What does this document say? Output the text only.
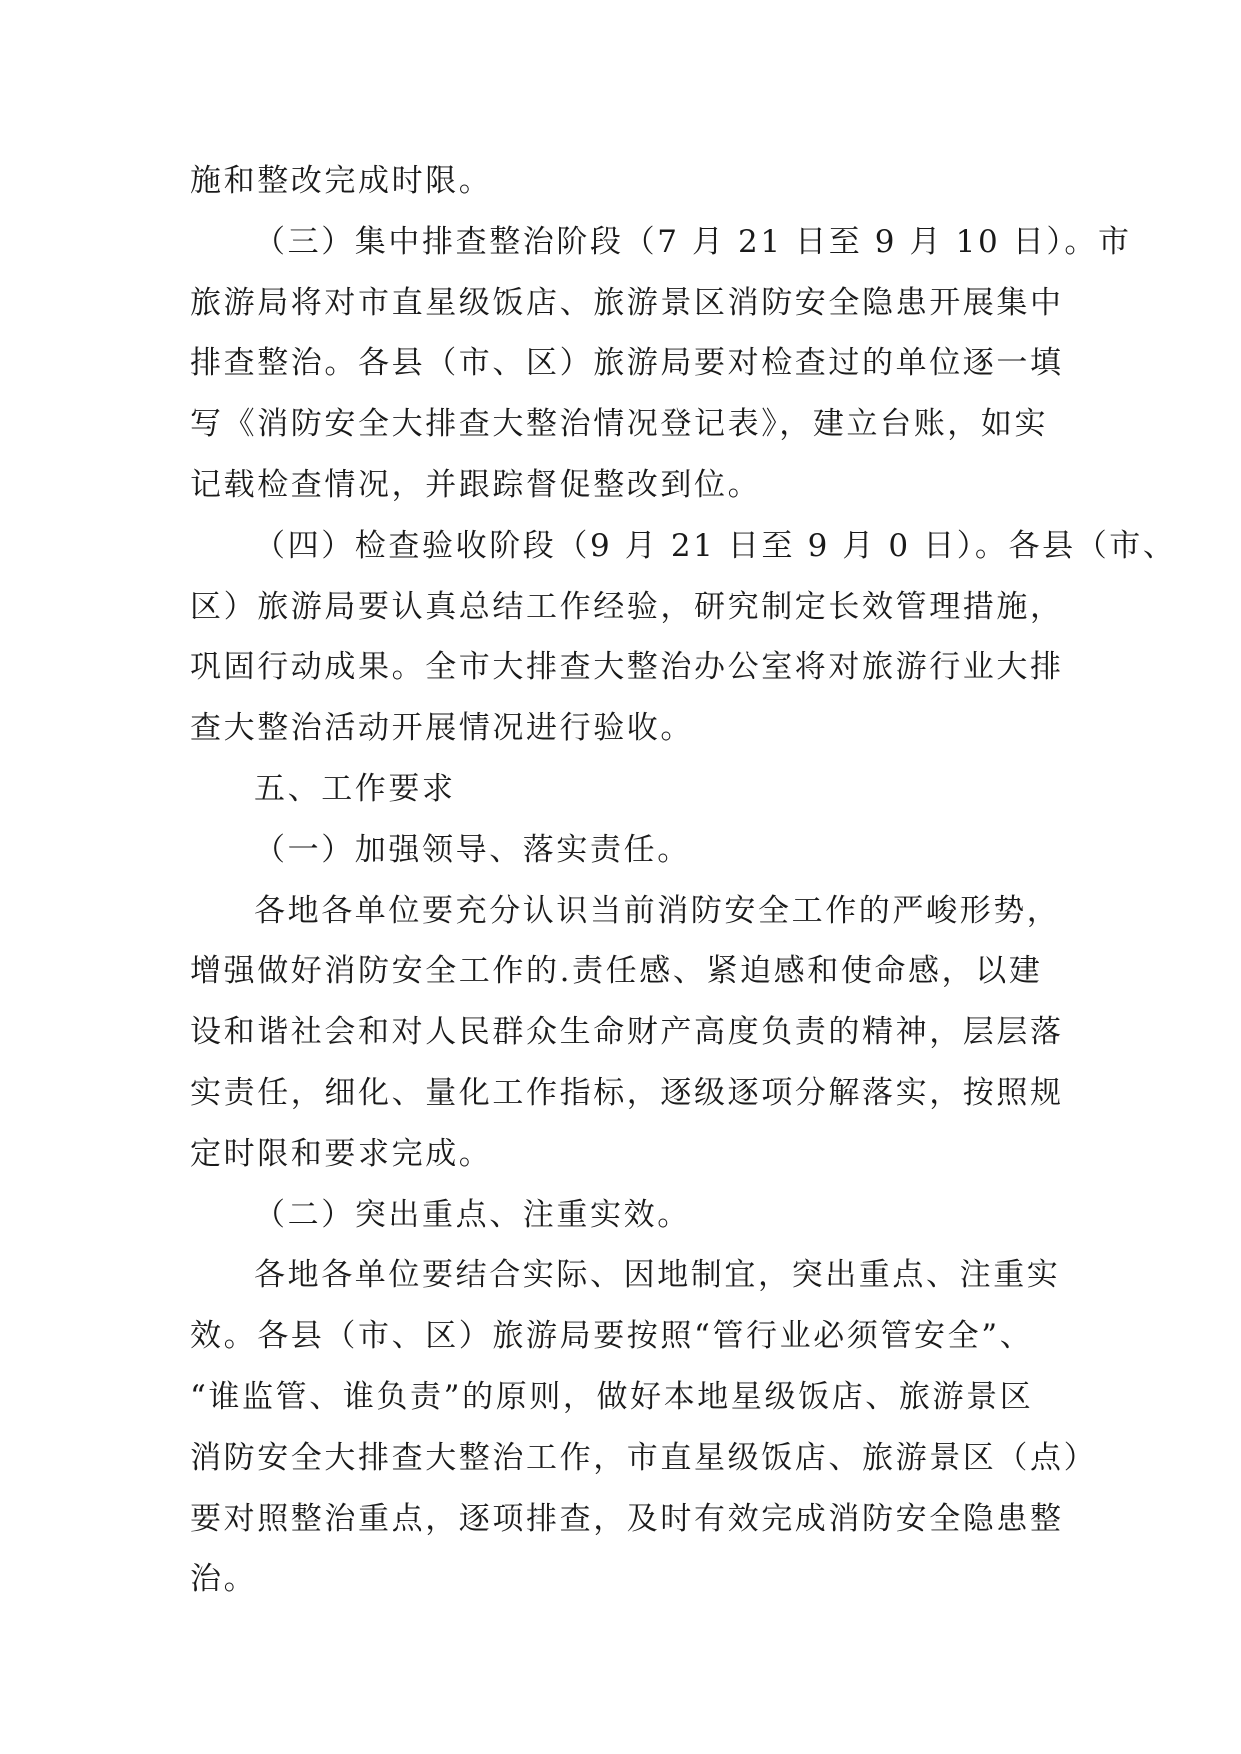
施和整改完成时限。
（三）集中排查整治阶段（7 月 21 日至 9 月 10 日）。市
旅游局将对市直星级饭店、旅游景区消防安全隐患开展集中
排查整治。各县（市、区）旅游局要对检查过的单位逐一填
写《消防安全大排查大整治情况登记表》，建立台账，如实
记载检查情况，并跟踪督促整改到位。
（四）检查验收阶段（9 月 21 日至 9 月 0 日）。各县（市、
区）旅游局要认真总结工作经验，研究制定长效管理措施，
巩固行动成果。全市大排查大整治办公室将对旅游行业大排
查大整治活动开展情况进行验收。
五、工作要求
（一）加强领导、落实责任。
各地各单位要充分认识当前消防安全工作的严峻形势，
增强做好消防安全工作的.责任感、紧迫感和使命感，以建
设和谐社会和对人民群众生命财产高度负责的精神，层层落
实责任，细化、量化工作指标，逐级逐项分解落实，按照规
定时限和要求完成。
（二）突出重点、注重实效。
各地各单位要结合实际、因地制宜，突出重点、注重实
效。各县（市、区）旅游局要按照“管行业必须管安全”、
“谁监管、谁负责”的原则，做好本地星级饭店、旅游景区
消防安全大排查大整治工作，市直星级饭店、旅游景区（点）
要对照整治重点，逐项排查，及时有效完成消防安全隐患整
治。
